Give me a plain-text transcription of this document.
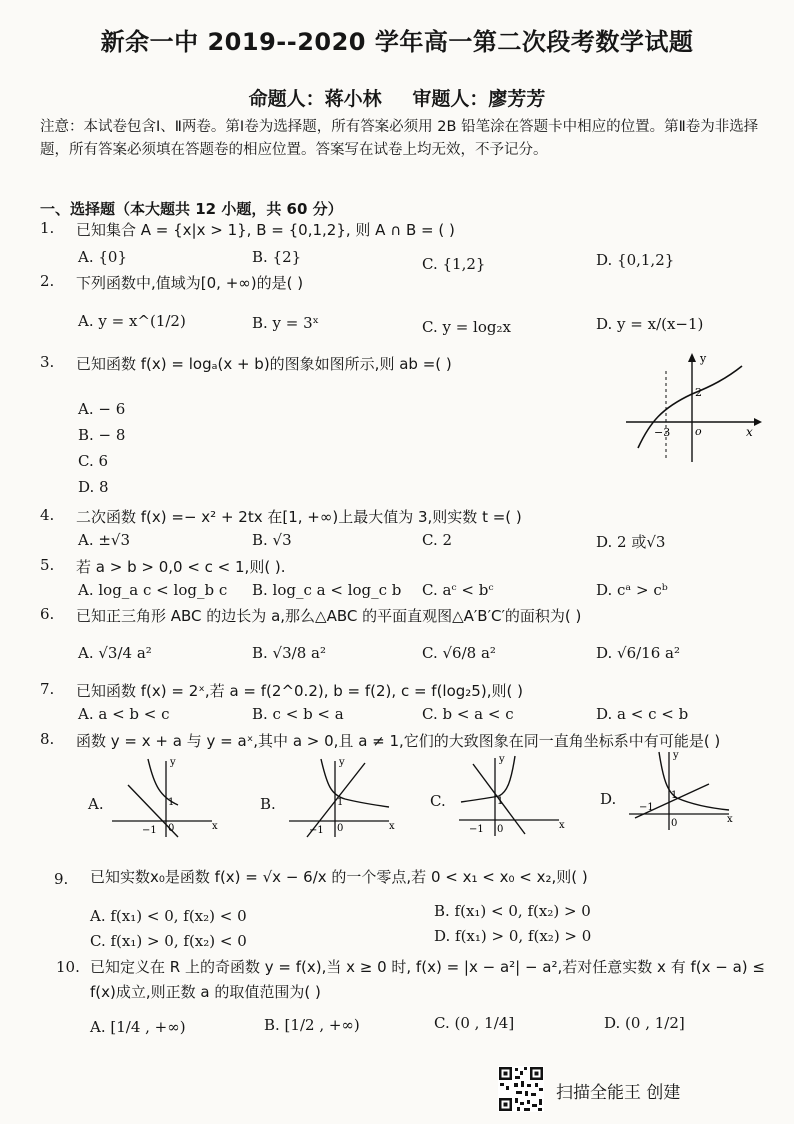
新余一中 2019--2020 学年高一第二次段考数学试题
命题人：蒋小林 审题人：廖芳芳
注意：本试卷包含Ⅰ、Ⅱ两卷。第Ⅰ卷为选择题，所有答案必须用 2B 铅笔涂在答题卡中相应的位置。第Ⅱ卷为非选择题，所有答案必须填在答题卷的相应位置。答案写在试卷上均无效，不予记分。
一、选择题（本大题共 12 小题，共 60 分）
1.	已知集合 A = {x|x > 1}, B = {0,1,2}, 则 A ∩ B = ( )
A. {0}	B. {2}	C. {1,2}	D. {0,1,2}
2.	下列函数中,值域为[0, +∞)的是( )
A. y = x^(1/2)	B. y = 3ˣ	C. y = log₂x	D. y = x/(x−1)
3.	已知函数 f(x) = logₐ(x + b)的图象如图所示,则 ab =( )
A. − 6
B. − 8
C. 6
D. 8
y
x
o
2
−3
4.	二次函数 f(x) =− x² + 2tx 在[1, +∞)上最大值为 3,则实数 t =( )
A. ±√3	B. √3	C. 2	D. 2 或√3
5.	若 a > b > 0,0 < c < 1,则( ).
A. log_a c < log_b c B. log_c a < log_c b C. aᶜ < bᶜ	D. cᵃ > cᵇ
6.	已知正三角形 ABC 的边长为 a,那么△ABC 的平面直观图△A′B′C′的面积为( )
A. √3/4 a²	B. √3/8 a²	C. √6/8 a²	D. √6/16 a²
7.	已知函数 f(x) = 2ˣ,若 a = f(2^0.2), b = f(2), c = f(log₂5),则( )
A. a < b < c	B. c < b < a	C. b < a < c	D. a < c < b
8.	函数 y = x + a 与 y = aˣ,其中 a > 0,且 a ≠ 1,它们的大致图象在同一直角坐标系中有可能是( )
A.	B.	C.	D.
y
x
0
1
−1
y
x
0
1
−1
y
x
0
1
−1
y
x
0
1
−1
9.	已知实数x₀是函数 f(x) = √x − 6/x 的一个零点,若 0 < x₁ < x₀ < x₂,则( )
A. f(x₁) < 0, f(x₂) < 0	B. f(x₁) < 0, f(x₂) > 0
C. f(x₁) > 0, f(x₂) < 0	D. f(x₁) > 0, f(x₂) > 0
10. 已知定义在 R 上的奇函数 y = f(x),当 x ≥ 0 时, f(x) = |x − a²| − a²,若对任意实数 x 有 f(x − a) ≤
f(x)成立,则正数 a 的取值范围为( )
A. [1/4 , +∞)	B. [1/2 , +∞)	C. (0 , 1/4]	D. (0 , 1/2]
扫描全能王 创建
